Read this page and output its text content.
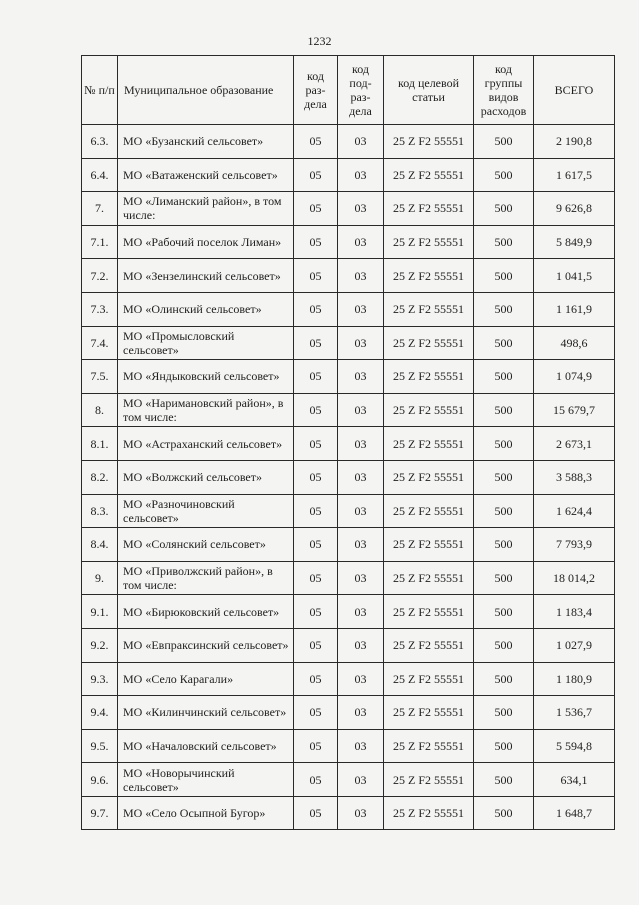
1232
№ п/п	Муниципальное образование	код раз-дела	код под-раз-дела	код целевой статьи	код группы видов расходов	ВСЕГО
6.3.	МО «Бузанский сельсовет»	05	03	25 Z F2 55551	500	2 190,8
6.4.	МО «Ватаженский сельсовет»	05	03	25 Z F2 55551	500	1 617,5
7.	МО «Лиманский район», в том числе:	05	03	25 Z F2 55551	500	9 626,8
7.1.	МО «Рабочий поселок Лиман»	05	03	25 Z F2 55551	500	5 849,9
7.2.	МО «Зензелинский сельсовет»	05	03	25 Z F2 55551	500	1 041,5
7.3.	МО «Олинский сельсовет»	05	03	25 Z F2 55551	500	1 161,9
7.4.	МО «Промысловский сельсовет»	05	03	25 Z F2 55551	500	498,6
7.5.	МО «Яндыковский сельсовет»	05	03	25 Z F2 55551	500	1 074,9
8.	МО «Наримановский район», в том числе:	05	03	25 Z F2 55551	500	15 679,7
8.1.	МО «Астраханский сельсовет»	05	03	25 Z F2 55551	500	2 673,1
8.2.	МО «Волжский сельсовет»	05	03	25 Z F2 55551	500	3 588,3
8.3.	МО «Разночиновский сельсовет»	05	03	25 Z F2 55551	500	1 624,4
8.4.	МО «Солянский сельсовет»	05	03	25 Z F2 55551	500	7 793,9
9.	МО «Приволжский район», в том числе:	05	03	25 Z F2 55551	500	18 014,2
9.1.	МО «Бирюковский сельсовет»	05	03	25 Z F2 55551	500	1 183,4
9.2.	МО «Евпраксинский сельсовет»	05	03	25 Z F2 55551	500	1 027,9
9.3.	МО «Село Карагали»	05	03	25 Z F2 55551	500	1 180,9
9.4.	МО «Килинчинский сельсовет»	05	03	25 Z F2 55551	500	1 536,7
9.5.	МО «Началовский сельсовет»	05	03	25 Z F2 55551	500	5 594,8
9.6.	МО «Новорычинский сельсовет»	05	03	25 Z F2 55551	500	634,1
9.7.	МО «Село Осыпной Бугор»	05	03	25 Z F2 55551	500	1 648,7
